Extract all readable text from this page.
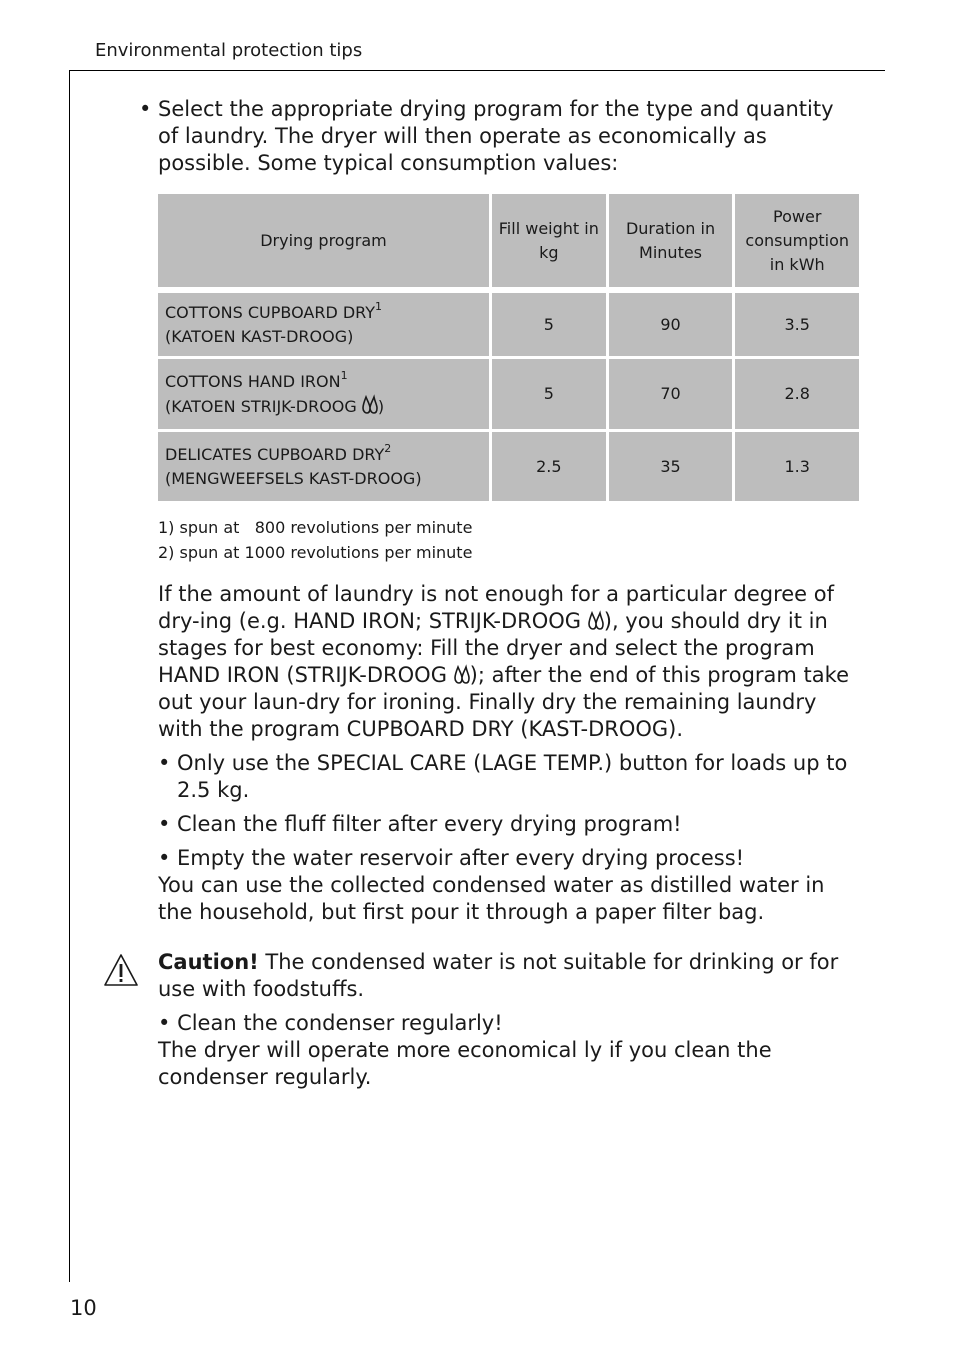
Environmental protection tips
10

• Select the appropriate drying program for the type and quantity of laundry. The dryer will then operate as economically as possible. Some typical consumption values:

Drying program	Fill weight in kg	Duration in Minutes	Power consumption in kWh
COTTONS CUPBOARD DRY$^1$
(KATOEN KAST-DROOG)	5	90	3.5
COTTONS HAND IRON$^1$
(KATOEN STRIJK-DROOG )	5	70	2.8
DELICATES CUPBOARD DRY$^2$
(MENGWEEFSELS KAST-DROOG)	2.5	35	1.3
1) spun at   800 revolutions per minute
2) spun at 1000 revolutions per minute

If the amount of laundry is not enough for a particular degree of dry-ing (e.g. HAND IRON; STRIJK-DROOG ), you should dry it in stages for best economy: Fill the dryer and select the program HAND IRON (STRIJK-DROOG ); after the end of this program take out your laun-dry for ironing. Finally dry the remaining laundry with the program CUPBOARD DRY (KAST-DROOG).

• Only use the SPECIAL CARE (LAGE TEMP.) button for loads up to 2.5 kg.

• Clean the fluff filter after every drying program!

• Empty the water reservoir after every drying process!

You can use the collected condensed water as distilled water in the household, but first pour it through a paper filter bag.

Caution! The condensed water is not suitable for drinking or for use with foodstuffs.

• Clean the condenser regularly!

The dryer will operate more economical ly if you clean the condenser regularly.
